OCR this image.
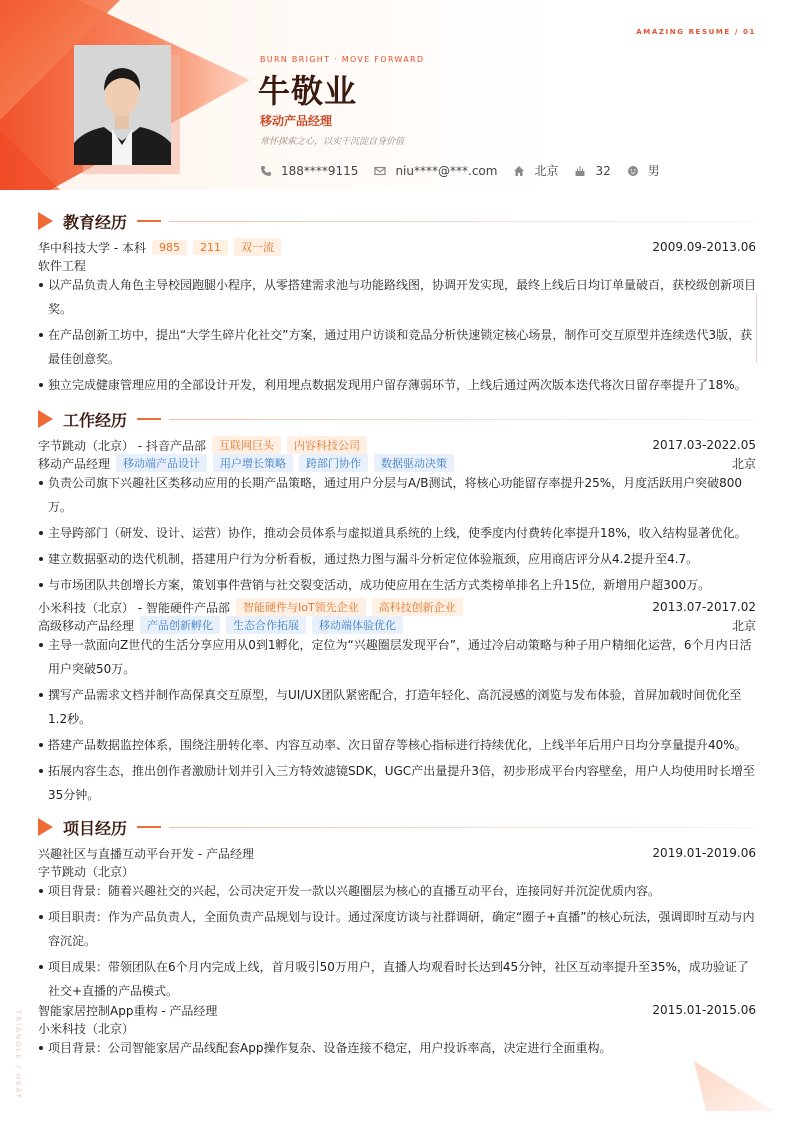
AMAZING RESUME / 01
TRIANGLE / HEAT
BURN BRIGHT · MOVE FORWARD
牛敬业
移动产品经理
常怀探索之心，以实干沉淀自身价值
188****9115	niu****@***.com	北京	32	男
教育经历
华中科技大学 - 本科	985	211	双一流	2009.09-2013.06
软件工程
以产品负责人角色主导校园跑腿小程序，从零搭建需求池与功能路线图，协调开发实现，最终上线后日均订单量破百，获校级创新项目奖。
在产品创新工坊中，提出“大学生碎片化社交”方案，通过用户访谈和竞品分析快速锁定核心场景，制作可交互原型并连续迭代3版，获最佳创意奖。
独立完成健康管理应用的全部设计开发，利用埋点数据发现用户留存薄弱环节，上线后通过两次版本迭代将次日留存率提升了18%。
工作经历
字节跳动（北京） - 抖音产品部	互联网巨头	内容科技公司	2017.03-2022.05
移动产品经理	移动端产品设计	用户增长策略	跨部门协作	数据驱动决策	北京
负责公司旗下兴趣社区类移动应用的长期产品策略，通过用户分层与A/B测试，将核心功能留存率提升25%，月度活跃用户突破800万。
主导跨部门（研发、设计、运营）协作，推动会员体系与虚拟道具系统的上线，使季度内付费转化率提升18%，收入结构显著优化。
建立数据驱动的迭代机制，搭建用户行为分析看板，通过热力图与漏斗分析定位体验瓶颈，应用商店评分从4.2提升至4.7。
与市场团队共创增长方案，策划事件营销与社交裂变活动，成功使应用在生活方式类榜单排名上升15位，新增用户超300万。
小米科技（北京） - 智能硬件产品部	智能硬件与IoT领先企业	高科技创新企业	2013.07-2017.02
高级移动产品经理	产品创新孵化	生态合作拓展	移动端体验优化	北京
主导一款面向Z世代的生活分享应用从0到1孵化，定位为“兴趣圈层发现平台”，通过冷启动策略与种子用户精细化运营，6个月内日活用户突破50万。
撰写产品需求文档并制作高保真交互原型，与UI/UX团队紧密配合，打造年轻化、高沉浸感的浏览与发布体验，首屏加载时间优化至1.2秒。
搭建产品数据监控体系，围绕注册转化率、内容互动率、次日留存等核心指标进行持续优化，上线半年后用户日均分享量提升40%。
拓展内容生态，推出创作者激励计划并引入三方特效滤镜SDK，UGC产出量提升3倍，初步形成平台内容壁垒，用户人均使用时长增至35分钟。
项目经历
兴趣社区与直播互动平台开发 - 产品经理	2019.01-2019.06
字节跳动（北京）
项目背景：随着兴趣社交的兴起，公司决定开发一款以兴趣圈层为核心的直播互动平台，连接同好并沉淀优质内容。
项目职责：作为产品负责人，全面负责产品规划与设计。通过深度访谈与社群调研，确定“圈子+直播”的核心玩法，强调即时互动与内容沉淀。
项目成果：带领团队在6个月内完成上线，首月吸引50万用户，直播人均观看时长达到45分钟，社区互动率提升至35%，成功验证了社交+直播的产品模式。
智能家居控制App重构 - 产品经理	2015.01-2015.06
小米科技（北京）
项目背景：公司智能家居产品线配套App操作复杂、设备连接不稳定，用户投诉率高，决定进行全面重构。
